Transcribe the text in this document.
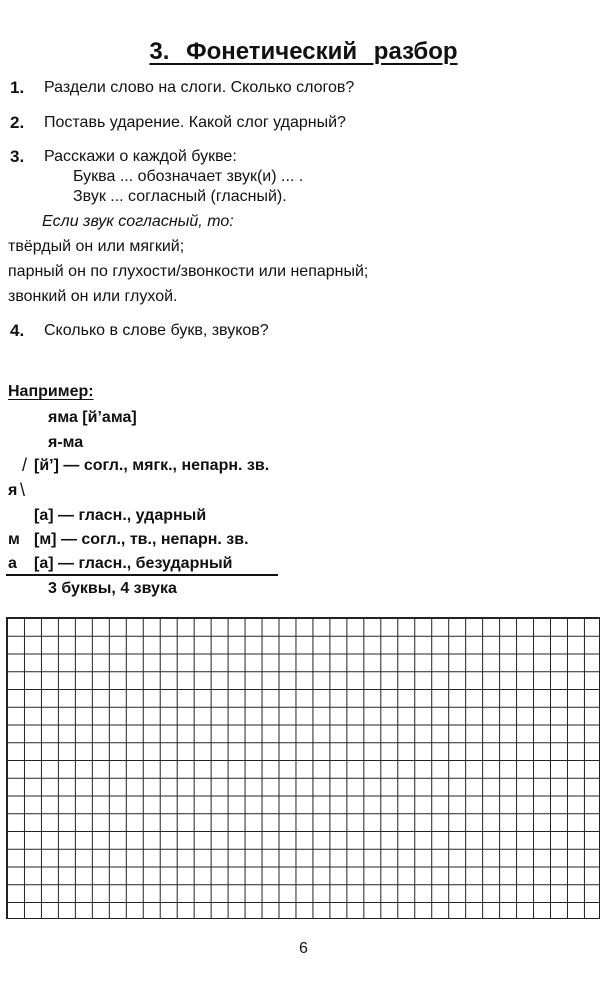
3. Фонетический разбор
1. Раздели слово на слоги. Сколько слогов?
2. Поставь ударение. Какой слог ударный?
3. Расскажи о каждой букве:
Буква ... обозначает звук(и) ... .
Звук ... согласный (гласный).
Если звук согласный, то:
твёрдый он или мягкий;
парный он по глухости/звонкости или непарный;
звонкий он или глухой.
4. Сколько в слове букв, звуков?
Например:
яма [й’ама]
я-ма
[й’] — согл., мягк., непарн. зв.
/
я \
[а] — гласн., ударный
м [м] — согл., тв., непарн. зв.
а [а] — гласн., безударный
3 буквы, 4 звука
6
